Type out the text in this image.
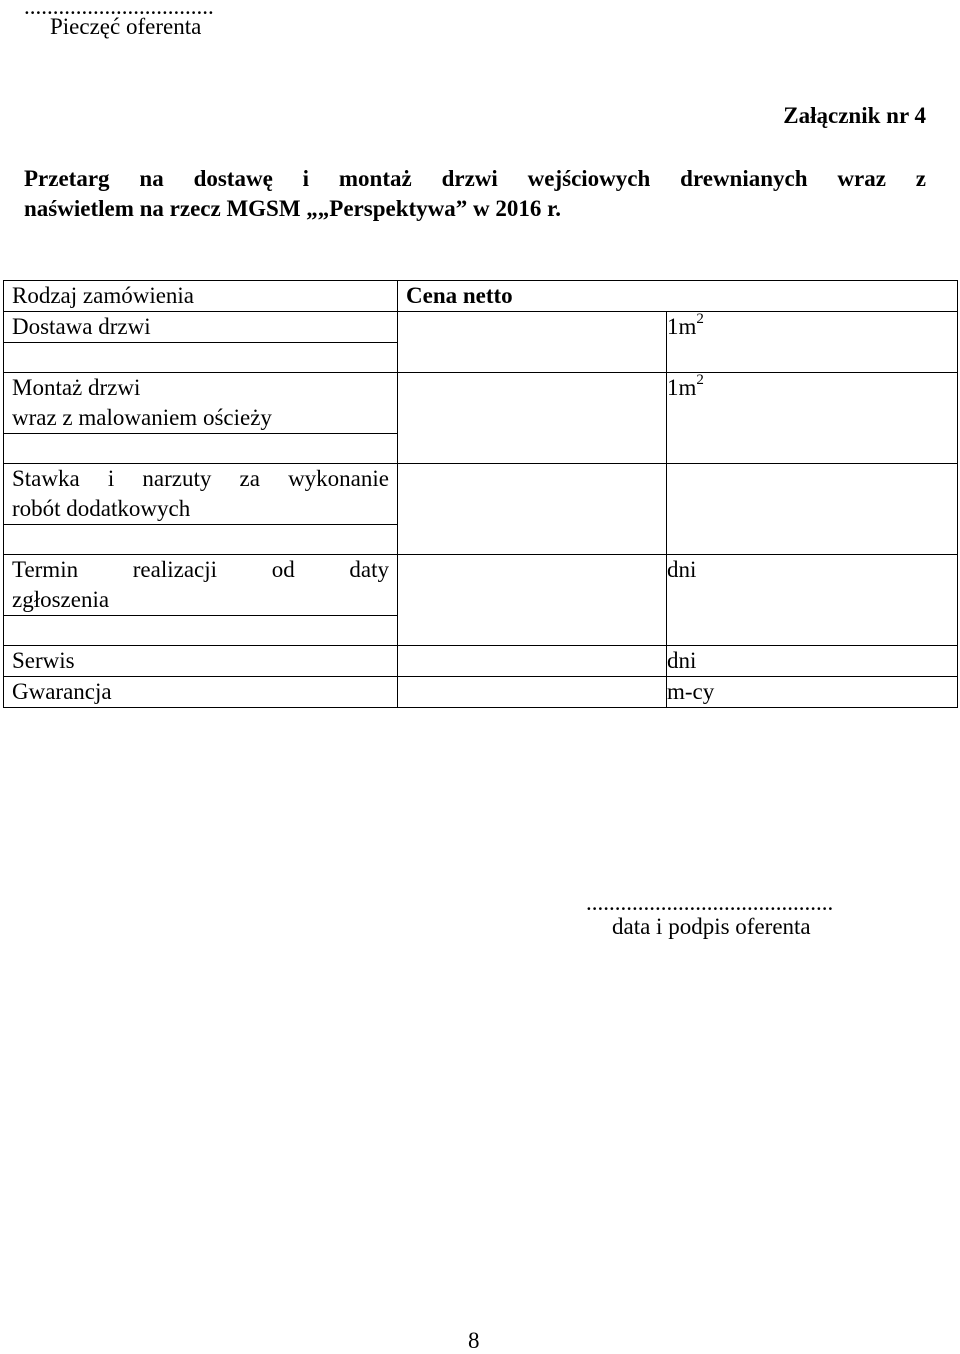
.................................
Pieczęć oferenta
Załącznik nr 4
Przetarg na dostawę i montaż drzwi wejściowych drewnianych wraz z
naświetlem na rzecz MGSM „„Perspektywa” w 2016 r.
Rodzaj zamówienia	Cena netto	
Dostawa drzwi		$1m^2$

Montaż drzwi
wraz z malowaniem ościeży		$1m^2$

Stawka i narzuty za wykonanie
robót dodatkowych		

Termin realizacji od daty
zgłoszenia		dni

Serwis		dni
Gwarancja		m-cy
...........................................
data i podpis oferenta
8
